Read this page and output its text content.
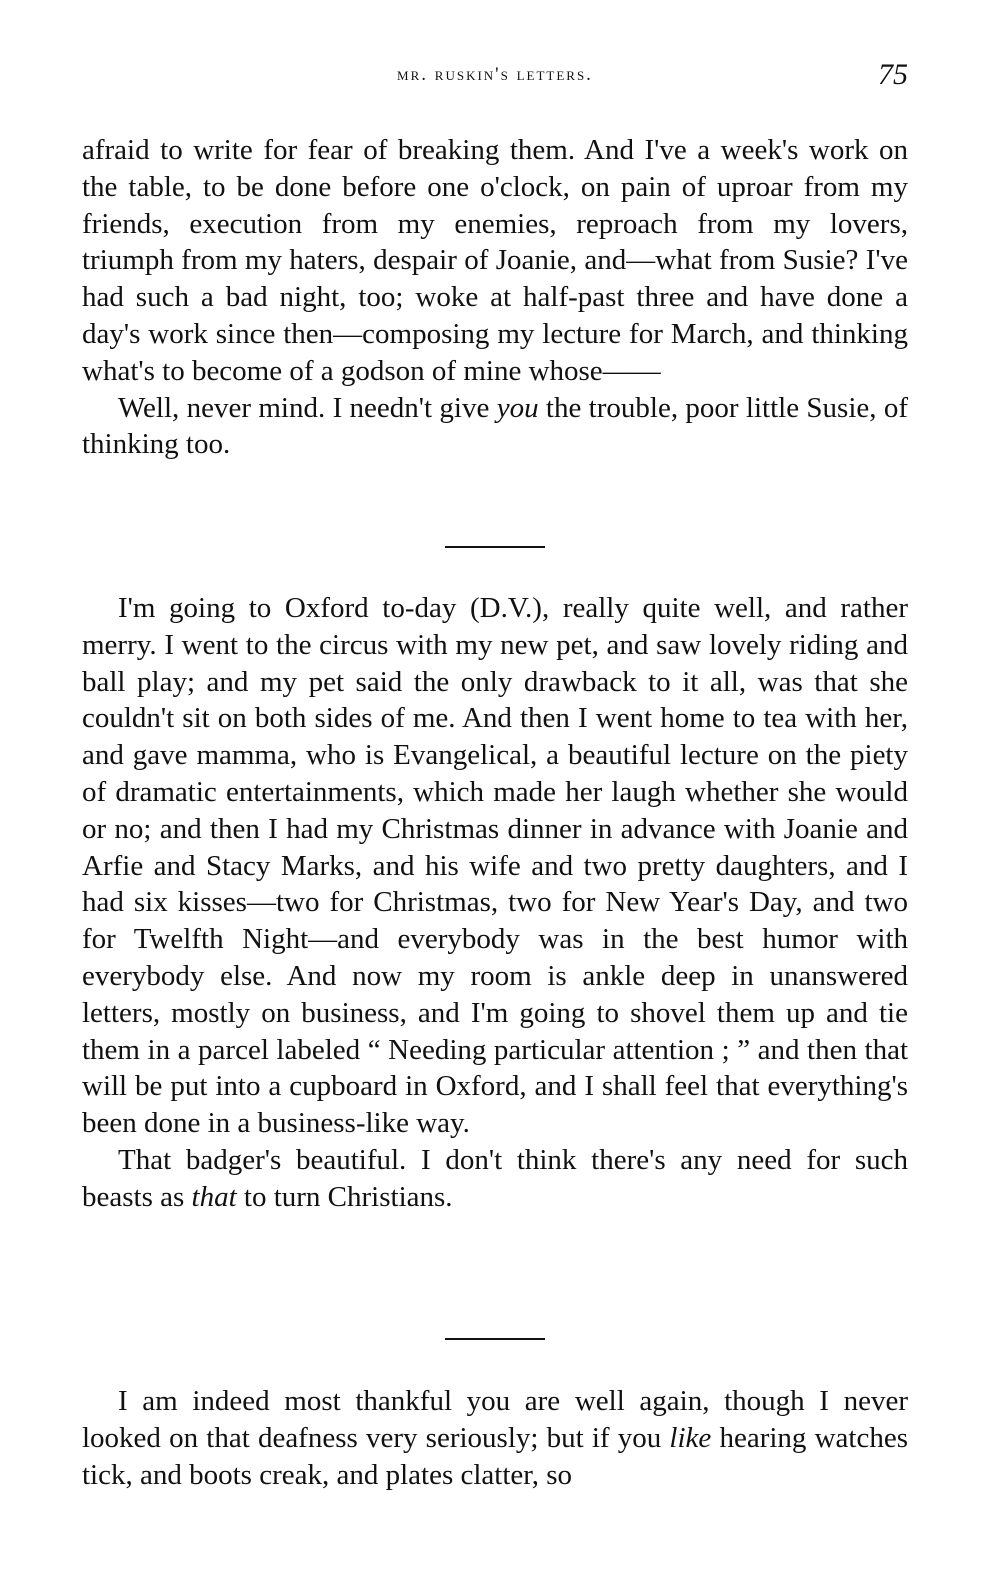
mr. ruskin's letters.	75

afraid to write for fear of breaking them. And I've a week's work on the table, to be done before one o'clock, on pain of uproar from my friends, execution from my enemies, reproach from my lovers, triumph from my haters, despair of Joanie, and—what from Susie? I've had such a bad night, too; woke at half-past three and have done a day's work since then—composing my lecture for March, and thinking what's to become of a godson of mine whose——

Well, never mind. I needn't give you the trouble, poor little Susie, of thinking too.

I'm going to Oxford to-day (D.V.), really quite well, and rather merry. I went to the circus with my new pet, and saw lovely riding and ball play; and my pet said the only drawback to it all, was that she couldn't sit on both sides of me. And then I went home to tea with her, and gave mamma, who is Evangelical, a beautiful lecture on the piety of dramatic entertainments, which made her laugh whether she would or no; and then I had my Christmas dinner in advance with Joanie and Arfie and Stacy Marks, and his wife and two pretty daughters, and I had six kisses—two for Christmas, two for New Year's Day, and two for Twelfth Night—and everybody was in the best humor with everybody else. And now my room is ankle deep in unanswered letters, mostly on business, and I'm going to shovel them up and tie them in a parcel labeled “ Needing particular attention ; ” and then that will be put into a cupboard in Oxford, and I shall feel that everything's been done in a business-like way.

That badger's beautiful. I don't think there's any need for such beasts as that to turn Christians.

I am indeed most thankful you are well again, though I never looked on that deafness very seriously; but if you like hearing watches tick, and boots creak, and plates clatter, so
